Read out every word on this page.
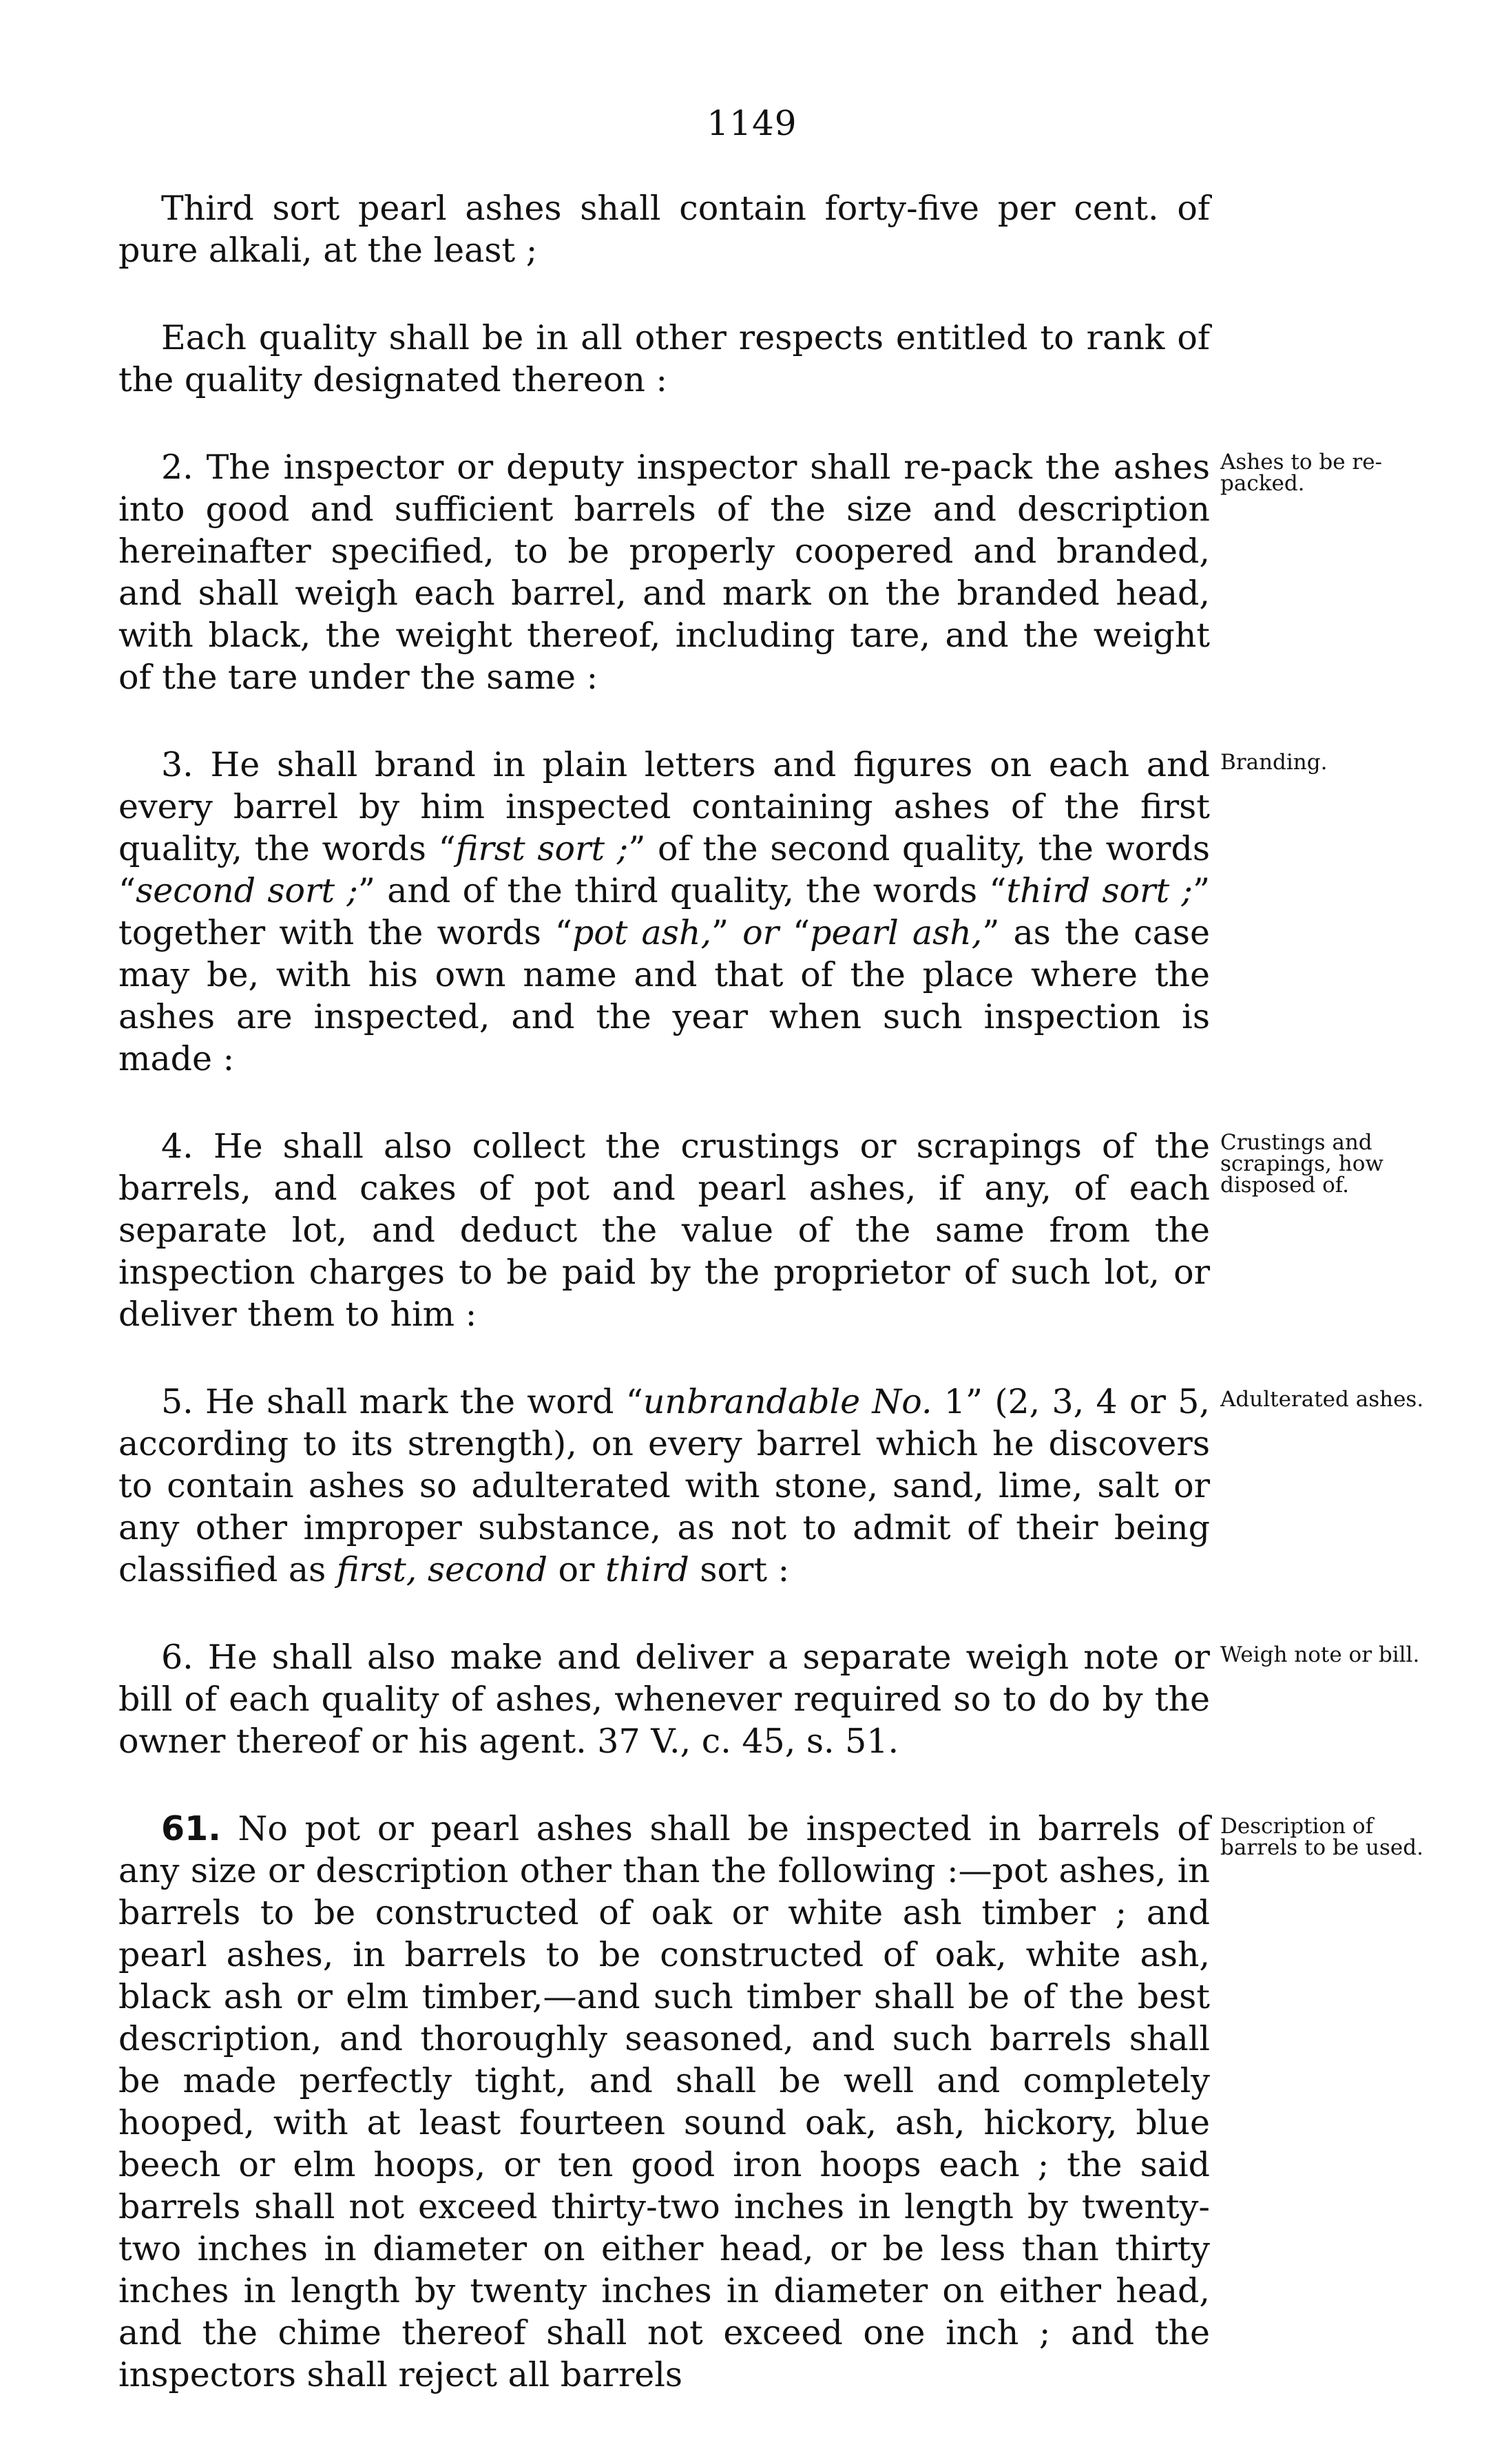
1149

Third sort pearl ashes shall contain forty-five per cent. of pure alkali, at the least ;

Each quality shall be in all other respects entitled to rank of the quality designated thereon :

Ashes to be re-packed.
2. The inspector or deputy inspector shall re-pack the ashes into good and sufficient barrels of the size and description hereinafter specified, to be properly coopered and branded, and shall weigh each barrel, and mark on the branded head, with black, the weight thereof, including tare, and the weight of the tare under the same :

Branding.
3. He shall brand in plain letters and figures on each and every barrel by him inspected containing ashes of the first quality, the words “first sort ;” of the second quality, the words “second sort ;” and of the third quality, the words “third sort ;” together with the words “pot ash,” or “pearl ash,” as the case may be, with his own name and that of the place where the ashes are inspected, and the year when such inspection is made :

Crustings and scrapings, how disposed of.
4. He shall also collect the crustings or scrapings of the barrels, and cakes of pot and pearl ashes, if any, of each separate lot, and deduct the value of the same from the inspection charges to be paid by the proprietor of such lot, or deliver them to him :

Adulterated ashes.
5. He shall mark the word “unbrandable No. 1” (2, 3, 4 or 5, according to its strength), on every barrel which he discovers to contain ashes so adulterated with stone, sand, lime, salt or any other improper substance, as not to admit of their being classified as first, second or third sort :

Weigh note or bill.
6. He shall also make and deliver a separate weigh note or bill of each quality of ashes, whenever required so to do by the owner thereof or his agent. 37 V., c. 45, s. 51.

Description of barrels to be used.
61. No pot or pearl ashes shall be inspected in barrels of any size or description other than the following :—pot ashes, in barrels to be constructed of oak or white ash timber ; and pearl ashes, in barrels to be constructed of oak, white ash, black ash or elm timber,—and such timber shall be of the best description, and thoroughly seasoned, and such barrels shall be made perfectly tight, and shall be well and completely hooped, with at least fourteen sound oak, ash, hickory, blue beech or elm hoops, or ten good iron hoops each ; the said barrels shall not exceed thirty-two inches in length by twenty-two inches in diameter on either head, or be less than thirty inches in length by twenty inches in diameter on either head, and the chime thereof shall not exceed one inch ; and the inspectors shall reject all barrels
